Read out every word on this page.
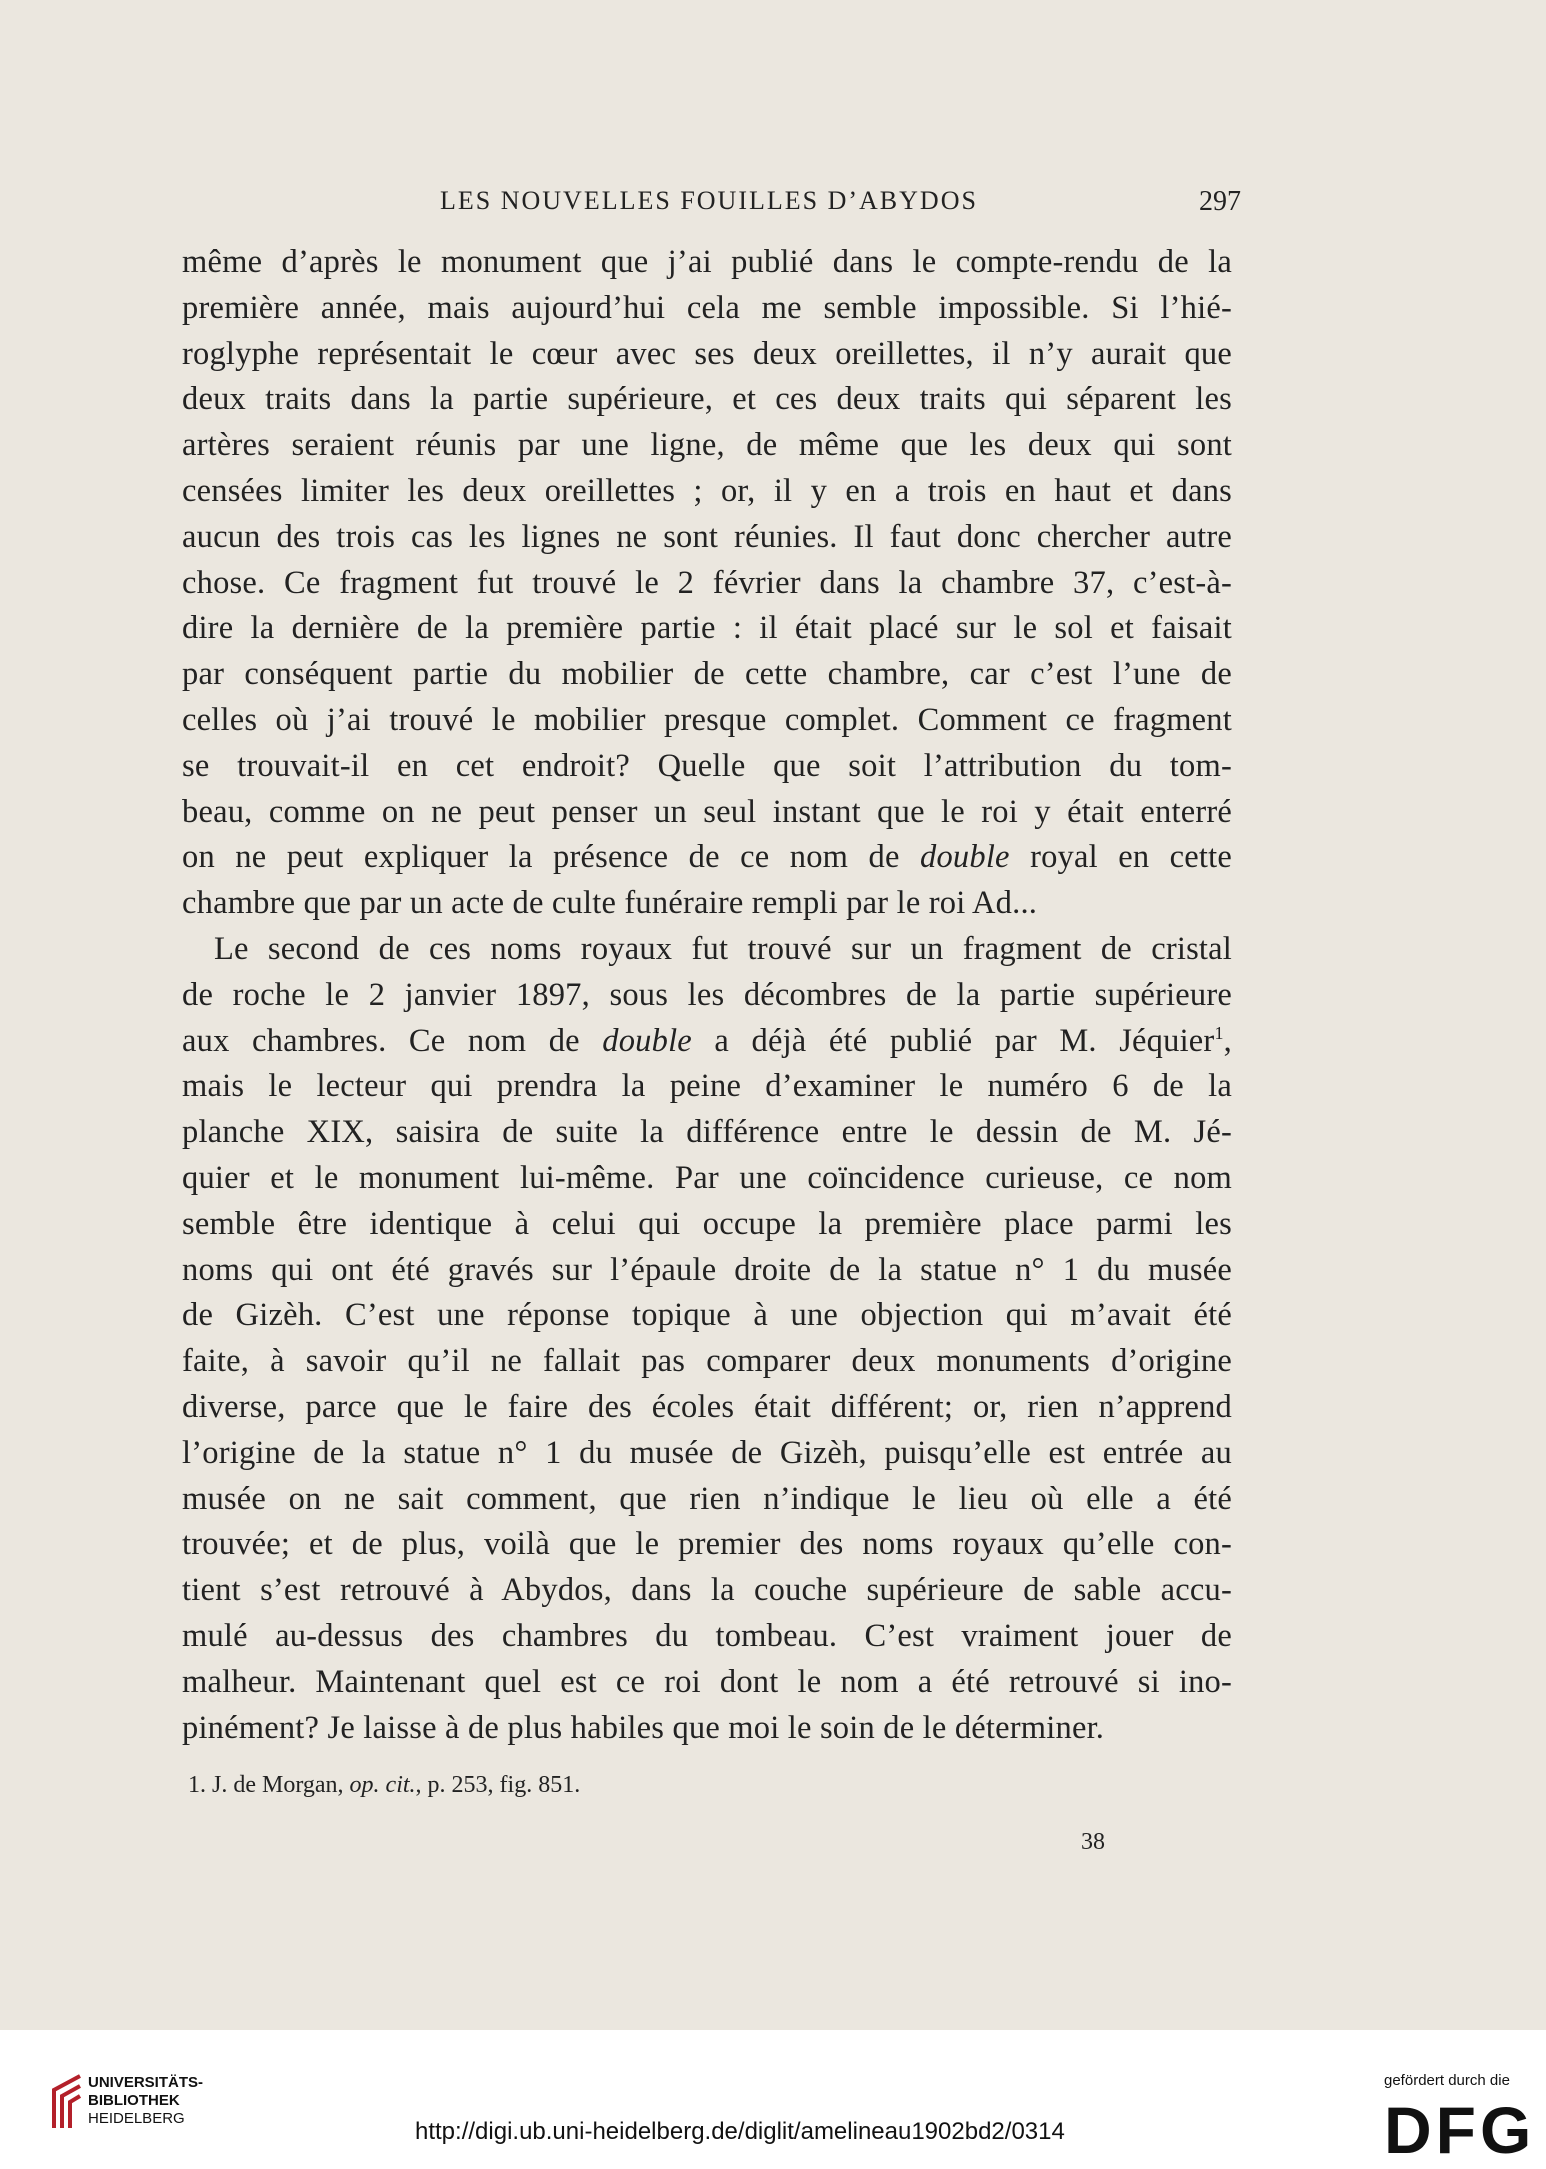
LES NOUVELLES FOUILLES D’ABYDOS	297
même d’après le monument que j’ai publié dans le compte-rendu de la
première année, mais aujourd’hui cela me semble impossible. Si l’hié-
roglyphe représentait le cœur avec ses deux oreillettes, il n’y aurait que
deux traits dans la partie supérieure, et ces deux traits qui séparent les
artères seraient réunis par une ligne, de même que les deux qui sont
censées limiter les deux oreillettes ; or, il y en a trois en haut et dans
aucun des trois cas les lignes ne sont réunies. Il faut donc chercher autre
chose. Ce fragment fut trouvé le 2 février dans la chambre 37, c’est-à-
dire la dernière de la première partie : il était placé sur le sol et faisait
par conséquent partie du mobilier de cette chambre, car c’est l’une de
celles où j’ai trouvé le mobilier presque complet. Comment ce fragment
se trouvait-il en cet endroit? Quelle que soit l’attribution du tom-
beau, comme on ne peut penser un seul instant que le roi y était enterré
on ne peut expliquer la présence de ce nom de double royal en cette
chambre que par un acte de culte funéraire rempli par le roi Ad...
Le second de ces noms royaux fut trouvé sur un fragment de cristal
de roche le 2 janvier 1897, sous les décombres de la partie supérieure
aux chambres. Ce nom de double a déjà été publié par M. Jéquier$^1$,
mais le lecteur qui prendra la peine d’examiner le numéro 6 de la
planche XIX, saisira de suite la différence entre le dessin de M. Jé-
quier et le monument lui-même. Par une coïncidence curieuse, ce nom
semble être identique à celui qui occupe la première place parmi les
noms qui ont été gravés sur l’épaule droite de la statue n° 1 du musée
de Gizèh. C’est une réponse topique à une objection qui m’avait été
faite, à savoir qu’il ne fallait pas comparer deux monuments d’origine
diverse, parce que le faire des écoles était différent; or, rien n’apprend
l’origine de la statue n° 1 du musée de Gizèh, puisqu’elle est entrée au
musée on ne sait comment, que rien n’indique le lieu où elle a été
trouvée; et de plus, voilà que le premier des noms royaux qu’elle con-
tient s’est retrouvé à Abydos, dans la couche supérieure de sable accu-
mulé au-dessus des chambres du tombeau. C’est vraiment jouer de
malheur. Maintenant quel est ce roi dont le nom a été retrouvé si ino-
pinément? Je laisse à de plus habiles que moi le soin de le déterminer.
1. J. de Morgan, op. cit., p. 253, fig. 851.
38
UNIVERSITÄTS-
BIBLIOTHEK
HEIDELBERG	http://digi.ub.uni-heidelberg.de/diglit/amelineau1902bd2/0314
gefördert durch die
DFG
